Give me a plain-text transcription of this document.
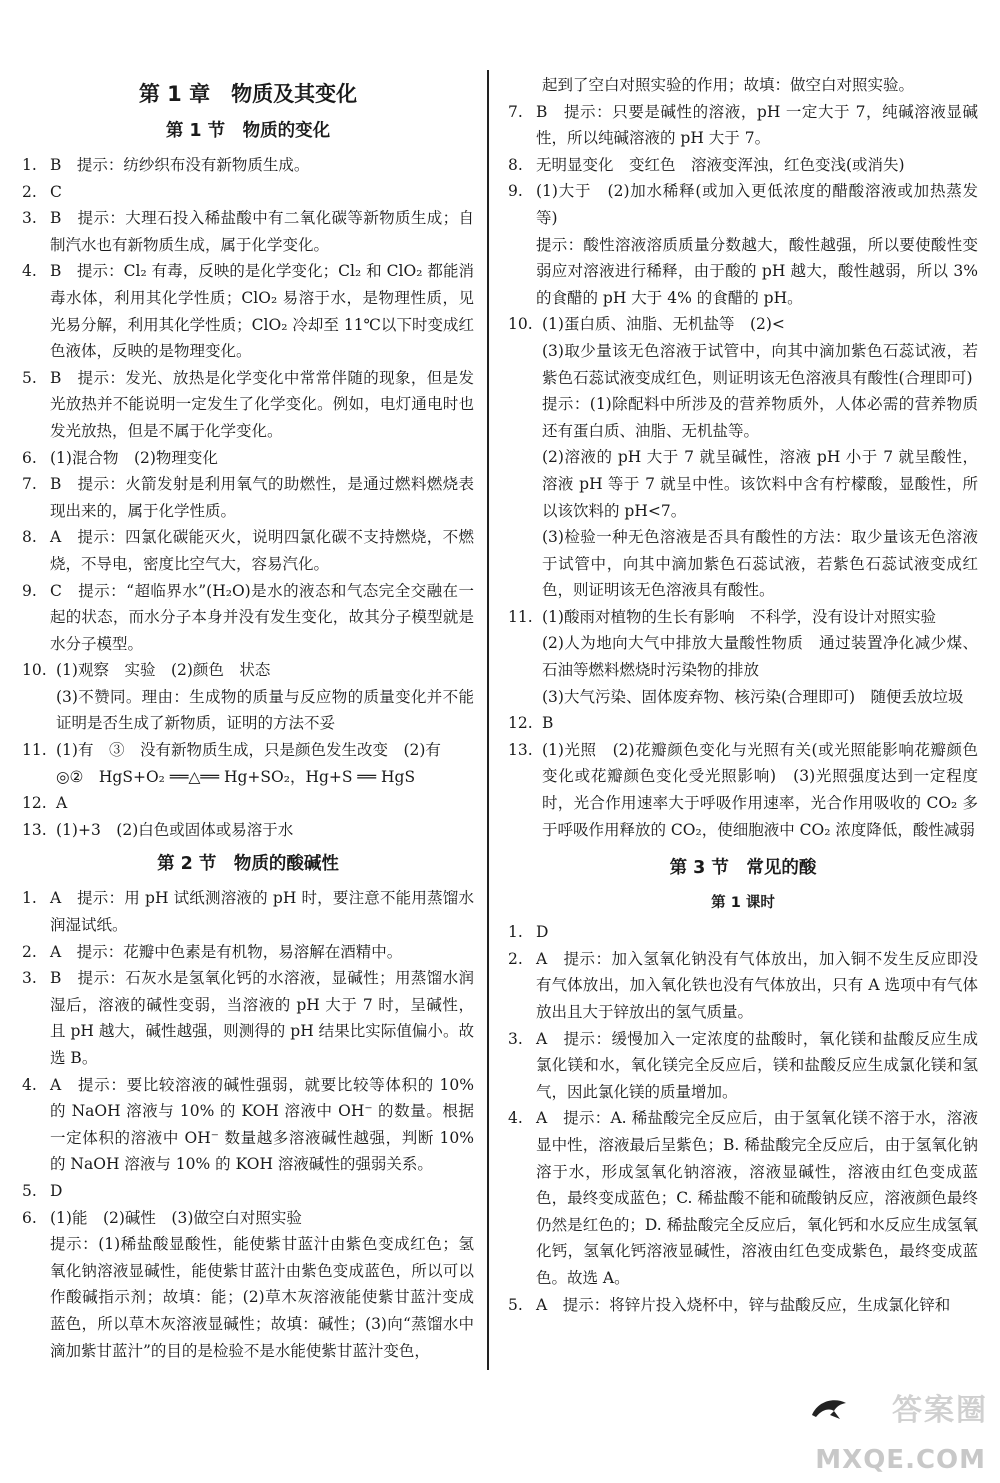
第 1 章　物质及其变化
第 1 节　物质的变化
1. B　提示：纺纱织布没有新物质生成。
2. C
3. B　提示：大理石投入稀盐酸中有二氧化碳等新物质生成；自制汽水也有新物质生成，属于化学变化。
4. B　提示：Cl₂ 有毒，反映的是化学变化；Cl₂ 和 ClO₂ 都能消毒水体，利用其化学性质；ClO₂ 易溶于水，是物理性质，见光易分解，利用其化学性质；ClO₂ 冷却至 11℃以下时变成红色液体，反映的是物理变化。
5. B　提示：发光、放热是化学变化中常常伴随的现象，但是发光放热并不能说明一定发生了化学变化。例如，电灯通电时也发光放热，但是不属于化学变化。
6. (1)混合物　(2)物理变化
7. B　提示：火箭发射是利用氧气的助燃性，是通过燃料燃烧表现出来的，属于化学性质。
8. A　提示：四氯化碳能灭火，说明四氯化碳不支持燃烧，不燃烧，不导电，密度比空气大，容易汽化。
9. C　提示：“超临界水”(H₂O)是水的液态和气态完全交融在一起的状态，而水分子本身并没有发生变化，故其分子模型就是水分子模型。
10. (1)观察　实验　(2)颜色　状态
(3)不赞同。理由：生成物的质量与反应物的质量变化并不能证明是否生成了新物质，证明的方法不妥
11. (1)有　③　没有新物质生成，只是颜色发生改变　(2)有
◎②　HgS+O₂ ══△══ Hg+SO₂，Hg+S ══ HgS
12. A
13. (1)+3　(2)白色或固体或易溶于水
第 2 节　物质的酸碱性
1. A　提示：用 pH 试纸测溶液的 pH 时，要注意不能用蒸馏水润湿试纸。
2. A　提示：花瓣中色素是有机物，易溶解在酒精中。
3. B　提示：石灰水是氢氧化钙的水溶液，显碱性；用蒸馏水润湿后，溶液的碱性变弱，当溶液的 pH 大于 7 时，呈碱性，且 pH 越大，碱性越强，则测得的 pH 结果比实际值偏小。故选 B。
4. A　提示：要比较溶液的碱性强弱，就要比较等体积的 10% 的 NaOH 溶液与 10% 的 KOH 溶液中 OH⁻ 的数量。根据一定体积的溶液中 OH⁻ 数量越多溶液碱性越强，判断 10% 的 NaOH 溶液与 10% 的 KOH 溶液碱性的强弱关系。
5. D
6. (1)能　(2)碱性　(3)做空白对照实验
提示：(1)稀盐酸显酸性，能使紫甘蓝汁由紫色变成红色；氢氧化钠溶液显碱性，能使紫甘蓝汁由紫色变成蓝色，所以可以作酸碱指示剂；故填：能；(2)草木灰溶液能使紫甘蓝汁变成蓝色，所以草木灰溶液显碱性；故填：碱性；(3)向“蒸馏水中滴加紫甘蓝汁”的目的是检验不是水能使紫甘蓝汁变色，
起到了空白对照实验的作用；故填：做空白对照实验。
7. B　提示：只要是碱性的溶液，pH 一定大于 7，纯碱溶液显碱性，所以纯碱溶液的 pH 大于 7。
8. 无明显变化　变红色　溶液变浑浊，红色变浅(或消失)
9. (1)大于　(2)加水稀释(或加入更低浓度的醋酸溶液或加热蒸发等)
提示：酸性溶液溶质质量分数越大，酸性越强，所以要使酸性变弱应对溶液进行稀释，由于酸的 pH 越大，酸性越弱，所以 3% 的食醋的 pH 大于 4% 的食醋的 pH。
10. (1)蛋白质、油脂、无机盐等　(2)<
(3)取少量该无色溶液于试管中，向其中滴加紫色石蕊试液，若紫色石蕊试液变成红色，则证明该无色溶液具有酸性(合理即可)
提示：(1)除配料中所涉及的营养物质外，人体必需的营养物质还有蛋白质、油脂、无机盐等。
(2)溶液的 pH 大于 7 就呈碱性，溶液 pH 小于 7 就呈酸性，溶液 pH 等于 7 就呈中性。该饮料中含有柠檬酸，显酸性，所以该饮料的 pH<7。
(3)检验一种无色溶液是否具有酸性的方法：取少量该无色溶液于试管中，向其中滴加紫色石蕊试液，若紫色石蕊试液变成红色，则证明该无色溶液具有酸性。
11. (1)酸雨对植物的生长有影响　不科学，没有设计对照实验
(2)人为地向大气中排放大量酸性物质　通过装置净化减少煤、石油等燃料燃烧时污染物的排放
(3)大气污染、固体废弃物、核污染(合理即可)　随便丢放垃圾
12. B
13. (1)光照　(2)花瓣颜色变化与光照有关(或光照能影响花瓣颜色变化或花瓣颜色变化受光照影响)　(3)光照强度达到一定程度时，光合作用速率大于呼吸作用速率，光合作用吸收的 CO₂ 多于呼吸作用释放的 CO₂，使细胞液中 CO₂ 浓度降低，酸性减弱
第 3 节　常见的酸
第 1 课时
1. D
2. A　提示：加入氢氧化钠没有气体放出，加入铜不发生反应即没有气体放出，加入氧化铁也没有气体放出，只有 A 选项中有气体放出且大于锌放出的氢气质量。
3. A　提示：缓慢加入一定浓度的盐酸时，氧化镁和盐酸反应生成氯化镁和水，氧化镁完全反应后，镁和盐酸反应生成氯化镁和氢气，因此氯化镁的质量增加。
4. A　提示：A. 稀盐酸完全反应后，由于氢氧化镁不溶于水，溶液显中性，溶液最后呈紫色；B. 稀盐酸完全反应后，由于氢氧化钠溶于水，形成氢氧化钠溶液，溶液显碱性，溶液由红色变成蓝色，最终变成蓝色；C. 稀盐酸不能和硫酸钠反应，溶液颜色最终仍然是红色的；D. 稀盐酸完全反应后，氧化钙和水反应生成氢氧化钙，氢氧化钙溶液显碱性，溶液由红色变成紫色，最终变成蓝色。故选 A。
5. A　提示：将锌片投入烧杯中，锌与盐酸反应，生成氯化锌和
答案圈
MXQE.COM
